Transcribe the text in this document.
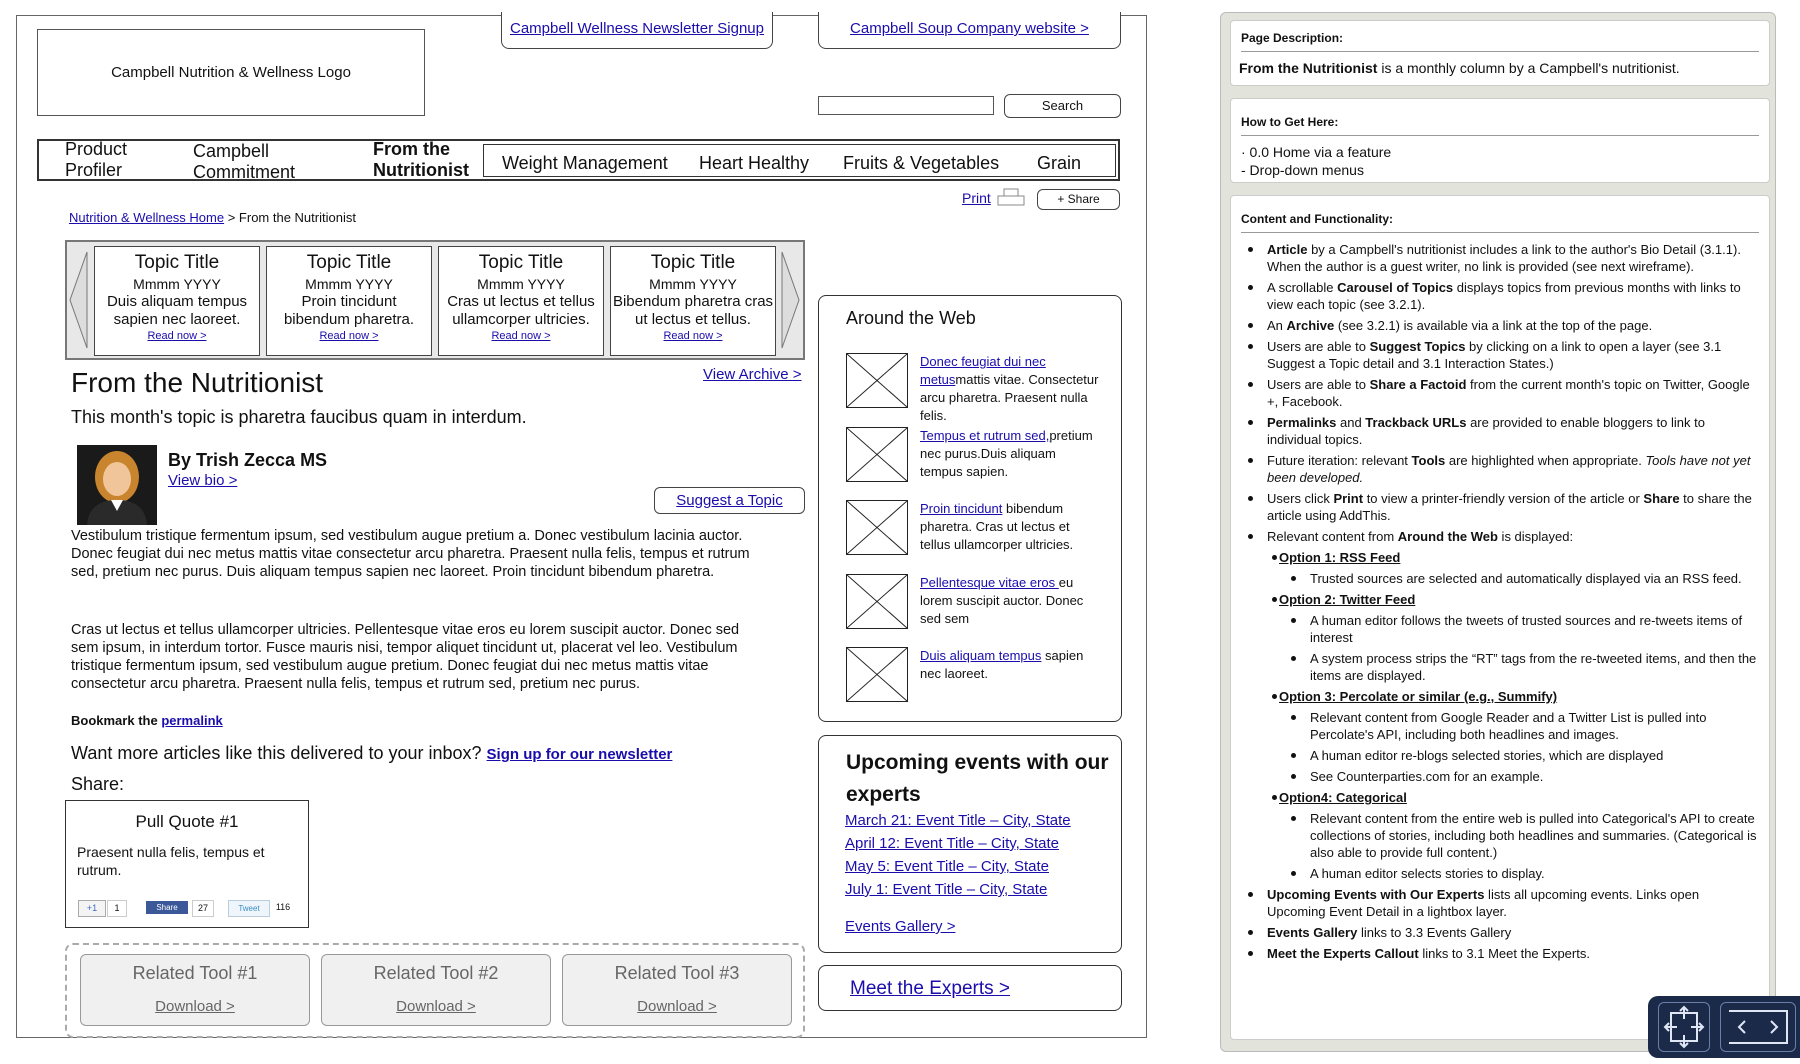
Campbell Nutrition & Wellness Logo
Campbell Wellness Newsletter Signup	Campbell Soup Company website >
Search
Product Profiler
Campbell Commitment
From the Nutritionist	Weight Management Heart Healthy Fruits & Vegetables Grain
Print	+ Share
Nutrition & Wellness Home > From the Nutritionist
Topic Title
Mmmm YYYY
Duis aliquam tempus sapien nec laoreet.
Read now >
Topic Title
Mmmm YYYY
Proin tincidunt bibendum pharetra.
Read now >
Topic Title
Mmmm YYYY
Cras ut lectus et tellus ullamcorper ultricies.
Read now >
Topic Title
Mmmm YYYY
Bibendum pharetra cras ut lectus et tellus.
Read now >
From the Nutritionist	View Archive >
This month's topic is pharetra faucibus quam in interdum.
By Trish Zecca MS
View bio >
Suggest a Topic
Vestibulum tristique fermentum ipsum, sed vestibulum augue pretium a. Donec vestibulum lacinia auctor. Donec feugiat dui nec metus mattis vitae consectetur arcu pharetra. Praesent nulla felis, tempus et rutrum sed, pretium nec purus. Duis aliquam tempus sapien nec laoreet. Proin tincidunt bibendum pharetra.
Cras ut lectus et tellus ullamcorper ultricies. Pellentesque vitae eros eu lorem suscipit auctor. Donec sed sem ipsum, in interdum tortor. Fusce mauris nisi, tempor aliquet tincidunt ut, placerat vel leo. Vestibulum tristique fermentum ipsum, sed vestibulum augue pretium. Donec feugiat dui nec metus mattis vitae consectetur arcu pharetra. Praesent nulla felis, tempus et rutrum sed, pretium nec purus.
Bookmark the permalink
Want more articles like this delivered to your inbox? Sign up for our newsletter
Share:
Pull Quote #1
Praesent nulla felis, tempus et rutrum.
+1	1	Share	27	Tweet	116
Related Tool #1
Download >
Related Tool #2
Download >
Related Tool #3
Download >
Around the Web
Donec feugiat dui nec metusmattis vitae. Consectetur arcu pharetra. Praesent nulla felis.
Tempus et rutrum sed,pretium nec purus.Duis aliquam tempus sapien.
Proin tincidunt bibendum pharetra. Cras ut lectus et tellus ullamcorper ultricies.
Pellentesque vitae eros eu lorem suscipit auctor. Donec sed sem
Duis aliquam tempus sapien nec laoreet.
Upcoming events with our experts
March 21: Event Title – City, State
April 12: Event Title – City, State
May 5: Event Title – City, State
July 1: Event Title – City, State
Events Gallery >
Meet the Experts >
Page Description:
From the Nutritionist is a monthly column by a Campbell's nutritionist.
How to Get Here:
· 0.0 Home via a feature
- Drop-down menus
Content and Functionality:
Article by a Campbell's nutritionist includes a link to the author's Bio Detail (3.1.1). When the author is a guest writer, no link is provided (see next wireframe).
A scrollable Carousel of Topics displays topics from previous months with links to view each topic (see 3.2.1).
An Archive (see 3.2.1) is available via a link at the top of the page.
Users are able to Suggest Topics by clicking on a link to open a layer (see 3.1 Suggest a Topic detail and 3.1 Interaction States.)
Users are able to Share a Factoid from the current month's topic on Twitter, Google +, Facebook.
Permalinks and Trackback URLs are provided to enable bloggers to link to individual topics.
Future iteration: relevant Tools are highlighted when appropriate. Tools have not yet been developed.
Users click Print to view a printer-friendly version of the article or Share to share the article using AddThis.
Relevant content from Around the Web is displayed:
Option 1: RSS Feed
Trusted sources are selected and automatically displayed via an RSS feed.
Option 2: Twitter Feed
A human editor follows the tweets of trusted sources and re-tweets items of interest
A system process strips the “RT” tags from the re-tweeted items, and then the items are displayed.
Option 3: Percolate or similar (e.g., Summify)
Relevant content from Google Reader and a Twitter List is pulled into Percolate's API, including both headlines and images.
A human editor re-blogs selected stories, which are displayed
See Counterparties.com for an example.
Option4: Categorical
Relevant content from the entire web is pulled into Categorical's API to create collections of stories, including both headlines and summaries. (Categorical is also able to provide full content.)
A human editor selects stories to display.
Upcoming Events with Our Experts lists all upcoming events. Links open Upcoming Event Detail in a lightbox layer.
Events Gallery links to 3.3 Events Gallery
Meet the Experts Callout links to 3.1 Meet the Experts.
